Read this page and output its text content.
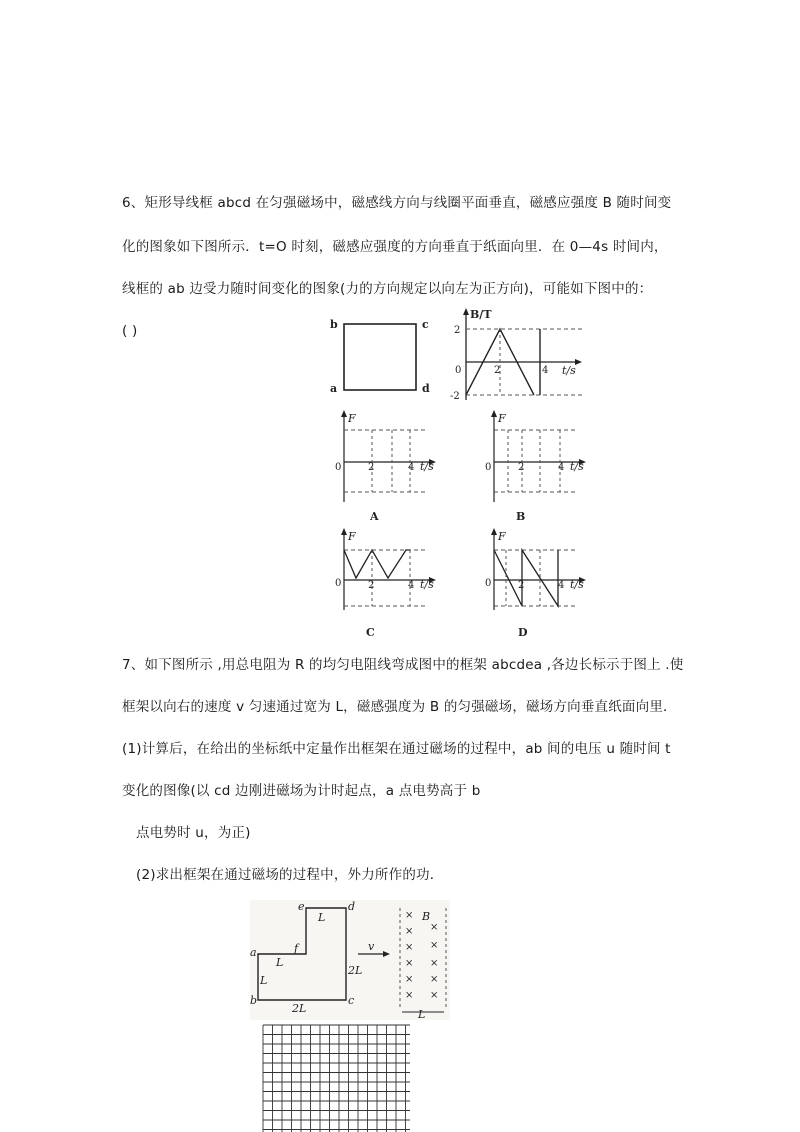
6、矩形导线框 abcd 在匀强磁场中，磁感线方向与线圈平面垂直，磁感应强度 B 随时间变
化的图象如下图所示．t=O 时刻，磁感应强度的方向垂直于纸面向里．在 0—4s 时间内，
线框的 ab 边受力随时间变化的图象(力的方向规定以向左为正方向)，可能如下图中的：
( )	b	c
a	d
B/T
t/s
2
-2
0	2	4
F
0	2	4 t/s
A
F
0	2	4 t/s
B
F
0	2	4 t/s
C
F
0	2	4 t/s
D
7、如下图所示 ,用总电阻为 R 的均匀电阻线弯成图中的框架 abcdea ,各边长标示于图上 .使
框架以向右的速度 v 匀速通过宽为 L，磁感强度为 B 的匀强磁场，磁场方向垂直纸面向里．
(1)计算后，在给出的坐标纸中定量作出框架在通过磁场的过程中，ab 间的电压 u 随时间 t
变化的图像(以 cd 边刚进磁场为计时起点，a 点电势高于 b
点电势时 u，为正)
(2)求出框架在通过磁场的过程中，外力所作的功．
e	d
L
a	f
L
L
2L
b	c
2L
v
B
×
×
×
×
×
× ×
× ×
× ×
L
